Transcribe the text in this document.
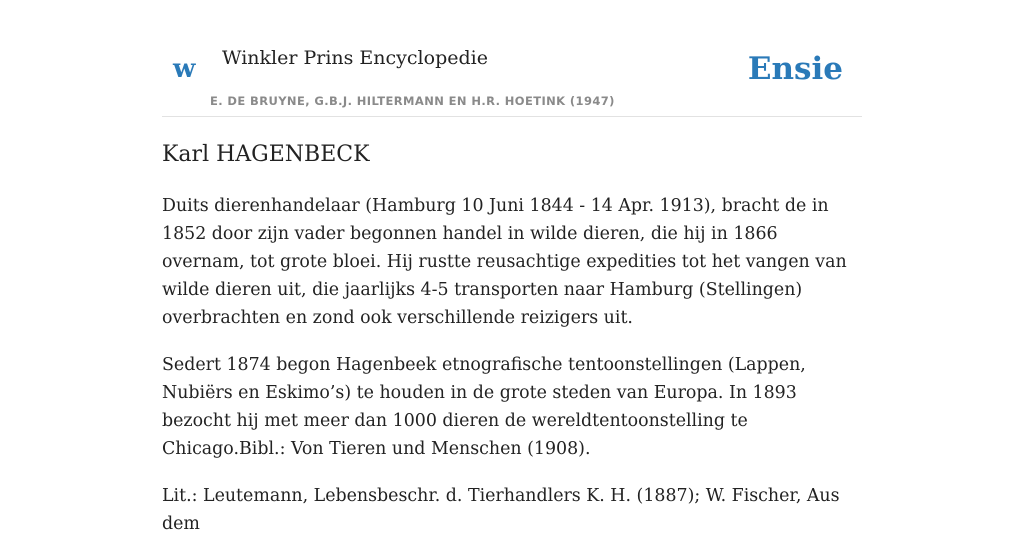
w Winkler Prins Encyclopedie
E. DE BRUYNE, G.B.J. HILTERMANN EN H.R. HOETINK (1947)
Ensie
Karl HAGENBECK

Duits dierenhandelaar (Hamburg 10 Juni 1844 - 14 Apr. 1913), bracht de in 1852 door zijn vader begonnen handel in wilde dieren, die hij in 1866 overnam, tot grote bloei. Hij rustte reusachtige expedities tot het vangen van wilde dieren uit, die jaarlijks 4-5 transporten naar Hamburg (Stellingen) overbrachten en zond ook verschillende reizigers uit.

Sedert 1874 begon Hagenbeek etnografische tentoonstellingen (Lappen, Nubiërs en Eskimo’s) te houden in de grote steden van Europa. In 1893 bezocht hij met meer dan 1000 dieren de wereldtentoonstelling te Chicago.Bibl.: Von Tieren und Menschen (1908).

Lit.: Leutemann, Lebensbeschr. d. Tierhandlers K. H. (1887); W. Fischer, Aus dem
